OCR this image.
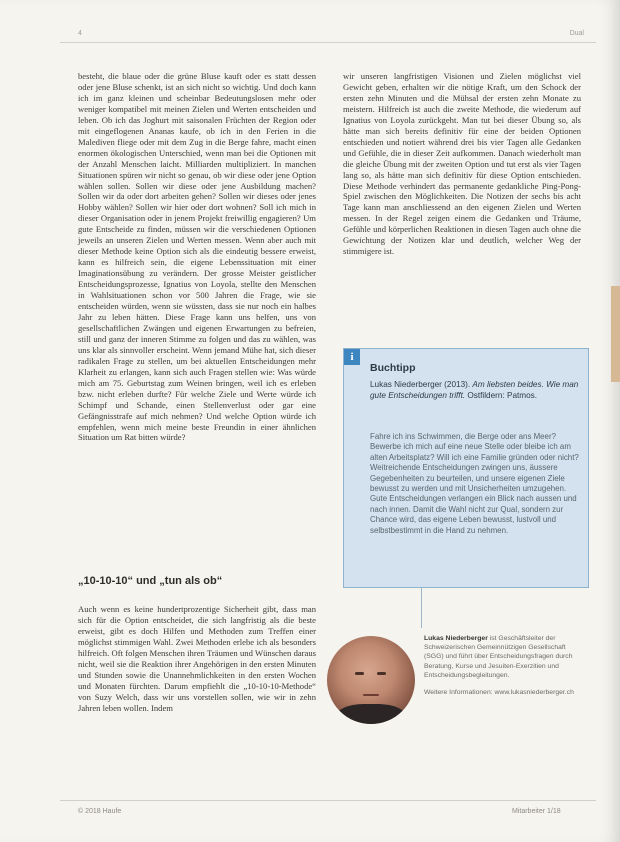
4	Dual

besteht, die blaue oder die grüne Bluse kauft oder es statt dessen oder jene Bluse schenkt, ist an sich nicht so wichtig. Und doch kann ich im ganz kleinen und scheinbar Bedeutungslosen mehr oder weniger kompatibel mit meinen Zielen und Werten entscheiden und leben. Ob ich das Joghurt mit saisonalen Früchten der Region oder mit eingeflogenen Ananas kaufe, ob ich in den Ferien in die Malediven fliege oder mit dem Zug in die Berge fahre, macht einen enormen ökologischen Unterschied, wenn man bei die Optionen mit der Anzahl Menschen laicht. Milliarden multipliziert. In manchen Situationen spüren wir nicht so genau, ob wir diese oder jene Option wählen sollen. Sollen wir diese oder jene Ausbildung machen? Sollen wir da oder dort arbeiten gehen? Sollen wir dieses oder jenes Hobby wählen? Sollen wir hier oder dort wohnen? Soll ich mich in dieser Organisation oder in jenem Projekt freiwillig engagieren? Um gute Entscheide zu finden, müssen wir die verschiedenen Optionen jeweils an unseren Zielen und Werten messen. Wenn aber auch mit dieser Methode keine Option sich als die eindeutig bessere erweist, kann es hilfreich sein, die eigene Lebenssituation mit einer Imaginationsübung zu verändern. Der grosse Meister geistlicher Entscheidungsprozesse, Ignatius von Loyola, stellte den Menschen in Wahlsituationen schon vor 500 Jahren die Frage, wie sie entscheiden würden, wenn sie wüssten, dass sie nur noch ein halbes Jahr zu leben hätten. Diese Frage kann uns helfen, uns von gesellschaftlichen Zwängen und eigenen Erwartungen zu befreien, still und ganz der inneren Stimme zu folgen und das zu wählen, was uns klar als sinnvoller erscheint. Wenn jemand Mühe hat, sich dieser radikalen Frage zu stellen, um bei aktuellen Entscheidungen mehr Klarheit zu erlangen, kann sich auch Fragen stellen wie: Was würde mich am 75. Geburtstag zum Weinen bringen, weil ich es erleben bzw. nicht erleben durfte? Für welche Ziele und Werte würde ich Schimpf und Schande, einen Stellenverlust oder gar eine Gefängnisstrafe auf mich nehmen? Und welche Option würde ich empfehlen, wenn mich meine beste Freundin in einer ähnlichen Situation um Rat bitten würde?

„10-10-10“ und „tun als ob“

Auch wenn es keine hundertprozentige Sicherheit gibt, dass man sich für die Option entscheidet, die sich langfristig als die beste erweist, gibt es doch Hilfen und Methoden zum Treffen einer möglichst stimmigen Wahl. Zwei Methoden erlebe ich als besonders hilfreich. Oft folgen Menschen ihren Träumen und Wünschen daraus nicht, weil sie die Reaktion ihrer Angehörigen in den ersten Minuten und Stunden sowie die Unannehmlichkeiten in den ersten Wochen und Monaten fürchten. Darum empfiehlt die „10-10-10-Methode“ von Suzy Welch, dass wir uns vorstellen sollen, wie wir in zehn Jahren leben wollen. Indem

wir unseren langfristigen Visionen und Zielen möglichst viel Gewicht geben, erhalten wir die nötige Kraft, um den Schock der ersten zehn Minuten und die Mühsal der ersten zehn Monate zu meistern. Hilfreich ist auch die zweite Methode, die wiederum auf Ignatius von Loyola zurückgeht. Man tut bei dieser Übung so, als hätte man sich bereits definitiv für eine der beiden Optionen entschieden und notiert während drei bis vier Tagen alle Gedanken und Gefühle, die in dieser Zeit aufkommen. Danach wiederholt man die gleiche Übung mit der zweiten Option und tut erst als vier Tagen lang so, als hätte man sich definitiv für diese Option entschieden. Diese Methode verhindert das permanente gedankliche Ping-Pong-Spiel zwischen den Möglichkeiten. Die Notizen der sechs bis acht Tage kann man anschliessend an den eigenen Zielen und Werten messen. In der Regel zeigen einem die Gedanken und Träume, Gefühle und körperlichen Reaktionen in diesen Tagen auch ohne die Gewichtung der Notizen klar und deutlich, welcher Weg der stimmigere ist.

i
Buchtipp
Lukas Niederberger (2013). Am liebsten beides. Wie man gute Entscheidungen trifft. Ostfildern: Patmos.
Fahre ich ins Schwimmen, die Berge oder ans Meer? Bewerbe ich mich auf eine neue Stelle oder bleibe ich am alten Arbeitsplatz? Will ich eine Familie gründen oder nicht? Weitreichende Entscheidungen zwingen uns, äussere Gegebenheiten zu beurteilen, und unsere eigenen Ziele bewusst zu werden und mit Unsicherheiten umzugehen. Gute Entscheidungen verlangen ein Blick nach aussen und nach innen. Damit die Wahl nicht zur Qual, sondern zur Chance wird, das eigene Leben bewusst, lustvoll und selbstbestimmt in die Hand zu nehmen.
Lukas Niederberger ist Geschäftsleiter der Schweizerischen Gemeinnützigen Gesellschaft (SGG) und führt über Entscheidungsfragen durch Beratung, Kurse und Jesuiten-Exerzitien und Entscheidungsbegleitungen.
Weitere Informationen: www.lukasniederberger.ch
© 2018 Haufe	Mitarbeiter 1/18
